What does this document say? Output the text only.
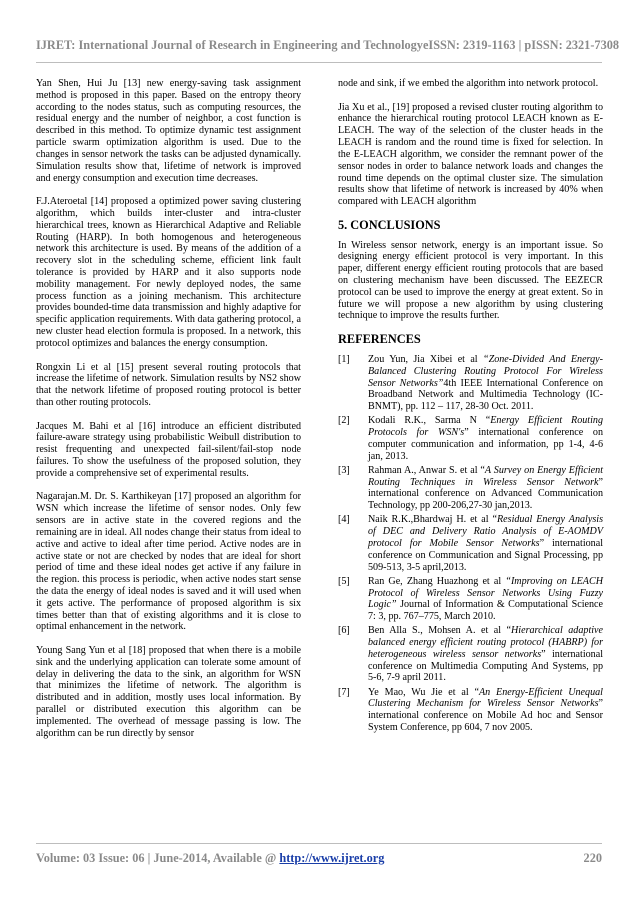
IJRET: International Journal of Research in Engineering and Technology eISSN: 2319-1163 | pISSN: 2321-7308

Yan Shen, Hui Ju [13] new energy-saving task assignment method is proposed in this paper. Based on the entropy theory according to the nodes status, such as computing resources, the residual energy and the number of neighbor, a cost function is described in this method. To optimize dynamic test assignment particle swarm optimization algorithm is used. Due to the changes in sensor network the tasks can be adjusted dynamically. Simulation results show that, lifetime of network is improved and energy consumption and execution time decreases.

F.J.Ateroetal [14] proposed a optimized power saving clustering algorithm, which builds inter-cluster and intra-cluster hierarchical trees, known as Hierarchical Adaptive and Reliable Routing (HARP). In both homogenous and heterogeneous network this architecture is used. By means of the addition of a recovery slot in the scheduling scheme, efficient link fault tolerance is provided by HARP and it also supports node mobility management. For newly deployed nodes, the same process function as a joining mechanism. This architecture provides bounded-time data transmission and highly adaptive for specific application requirements. With data gathering protocol, a new cluster head election formula is proposed. In a network, this protocol optimizes and balances the energy consumption.

Rongxin Li et al [15] present several routing protocols that increase the lifetime of network. Simulation results by NS2 show that the network lifetime of proposed routing protocol is better than other routing protocols.

Jacques M. Bahi et al [16] introduce an efficient distributed failure-aware strategy using probabilistic Weibull distribution to resist frequenting and unexpected fail-silent/fail-stop node failures. To show the usefulness of the proposed solution, they provide a comprehensive set of experimental results.

Nagarajan.M. Dr. S. Karthikeyan [17] proposed an algorithm for WSN which increase the lifetime of sensor nodes. Only few sensors are in active state in the covered regions and the remaining are in ideal. All nodes change their status from ideal to active and active to ideal after time period. Active nodes are in active state or not are checked by nodes that are ideal for short period of time and these ideal nodes get active if any failure in the region. this process is periodic, when active nodes start sense the data the energy of ideal nodes is saved and it will used when it gets active. The performance of proposed algorithm is six times better than that of existing algorithms and it is close to optimal enhancement in the network.

Young Sang Yun et al [18] proposed that when there is a mobile sink and the underlying application can tolerate some amount of delay in delivering the data to the sink, an algorithm for WSN that minimizes the lifetime of network. The algorithm is distributed and in addition, mostly uses local information. By parallel or distributed execution this algorithm can be implemented. The overhead of message passing is low. The algorithm can be run directly by sensor

node and sink, if we embed the algorithm into network protocol.

Jia Xu et al., [19] proposed a revised cluster routing algorithm to enhance the hierarchical routing protocol LEACH known as E-LEACH. The way of the selection of the cluster heads in the LEACH is random and the round time is fixed for selection. In the E-LEACH algorithm, we consider the remnant power of the sensor nodes in order to balance network loads and changes the round time depends on the optimal cluster size. The simulation results show that lifetime of network is increased by 40% when compared with LEACH algorithm

5. CONCLUSIONS

In Wireless sensor network, energy is an important issue. So designing energy efficient protocol is very important. In this paper, different energy efficient routing protocols that are based on clustering mechanism have been discussed. The EEZECR protocol can be used to improve the energy at great extent. So in future we will propose a new algorithm by using clustering technique to improve the results further.

REFERENCES
[1]	Zou Yun, Jia Xibei et al “Zone-Divided And Energy-Balanced Clustering Routing Protocol For Wireless Sensor Networks”4th IEEE International Conference on Broadband Network and Multimedia Technology (IC-BNMT), pp. 112 – 117, 28-30 Oct. 2011.
[2]	Kodali R.K., Sarma N “Energy Efficient Routing Protocols for WSN's” international conference on computer communication and information, pp 1-4, 4-6 jan, 2013.
[3]	Rahman A., Anwar S. et al “A Survey on Energy Efficient Routing Techniques in Wireless Sensor Network” international conference on Advanced Communication Technology, pp 200-206,27-30 jan,2013.
[4]	Naik R.K.,Bhardwaj H. et al “Residual Energy Analysis of DEC and Delivery Ratio Analysis of E-AOMDV protocol for Mobile Sensor Networks” international conference on Communication and Signal Processing, pp 509-513, 3-5 april,2013.
[5]	Ran Ge, Zhang Huazhong et al “Improving on LEACH Protocol of Wireless Sensor Networks Using Fuzzy Logic” Journal of Information & Computational Science 7: 3, pp. 767–775, March 2010.
[6]	Ben Alla S., Mohsen A. et al “Hierarchical adaptive balanced energy efficient routing protocol (HABRP) for heterogeneous wireless sensor networks” international conference on Multimedia Computing And Systems, pp 5-6, 7-9 april 2011.
[7]	Ye Mao, Wu Jie et al “An Energy-Efficient Unequal Clustering Mechanism for Wireless Sensor Networks” international conference on Mobile Ad hoc and Sensor System Conference, pp 604, 7 nov 2005.
Volume: 03 Issue: 06 | June-2014, Available @ http://www.ijret.org	220
